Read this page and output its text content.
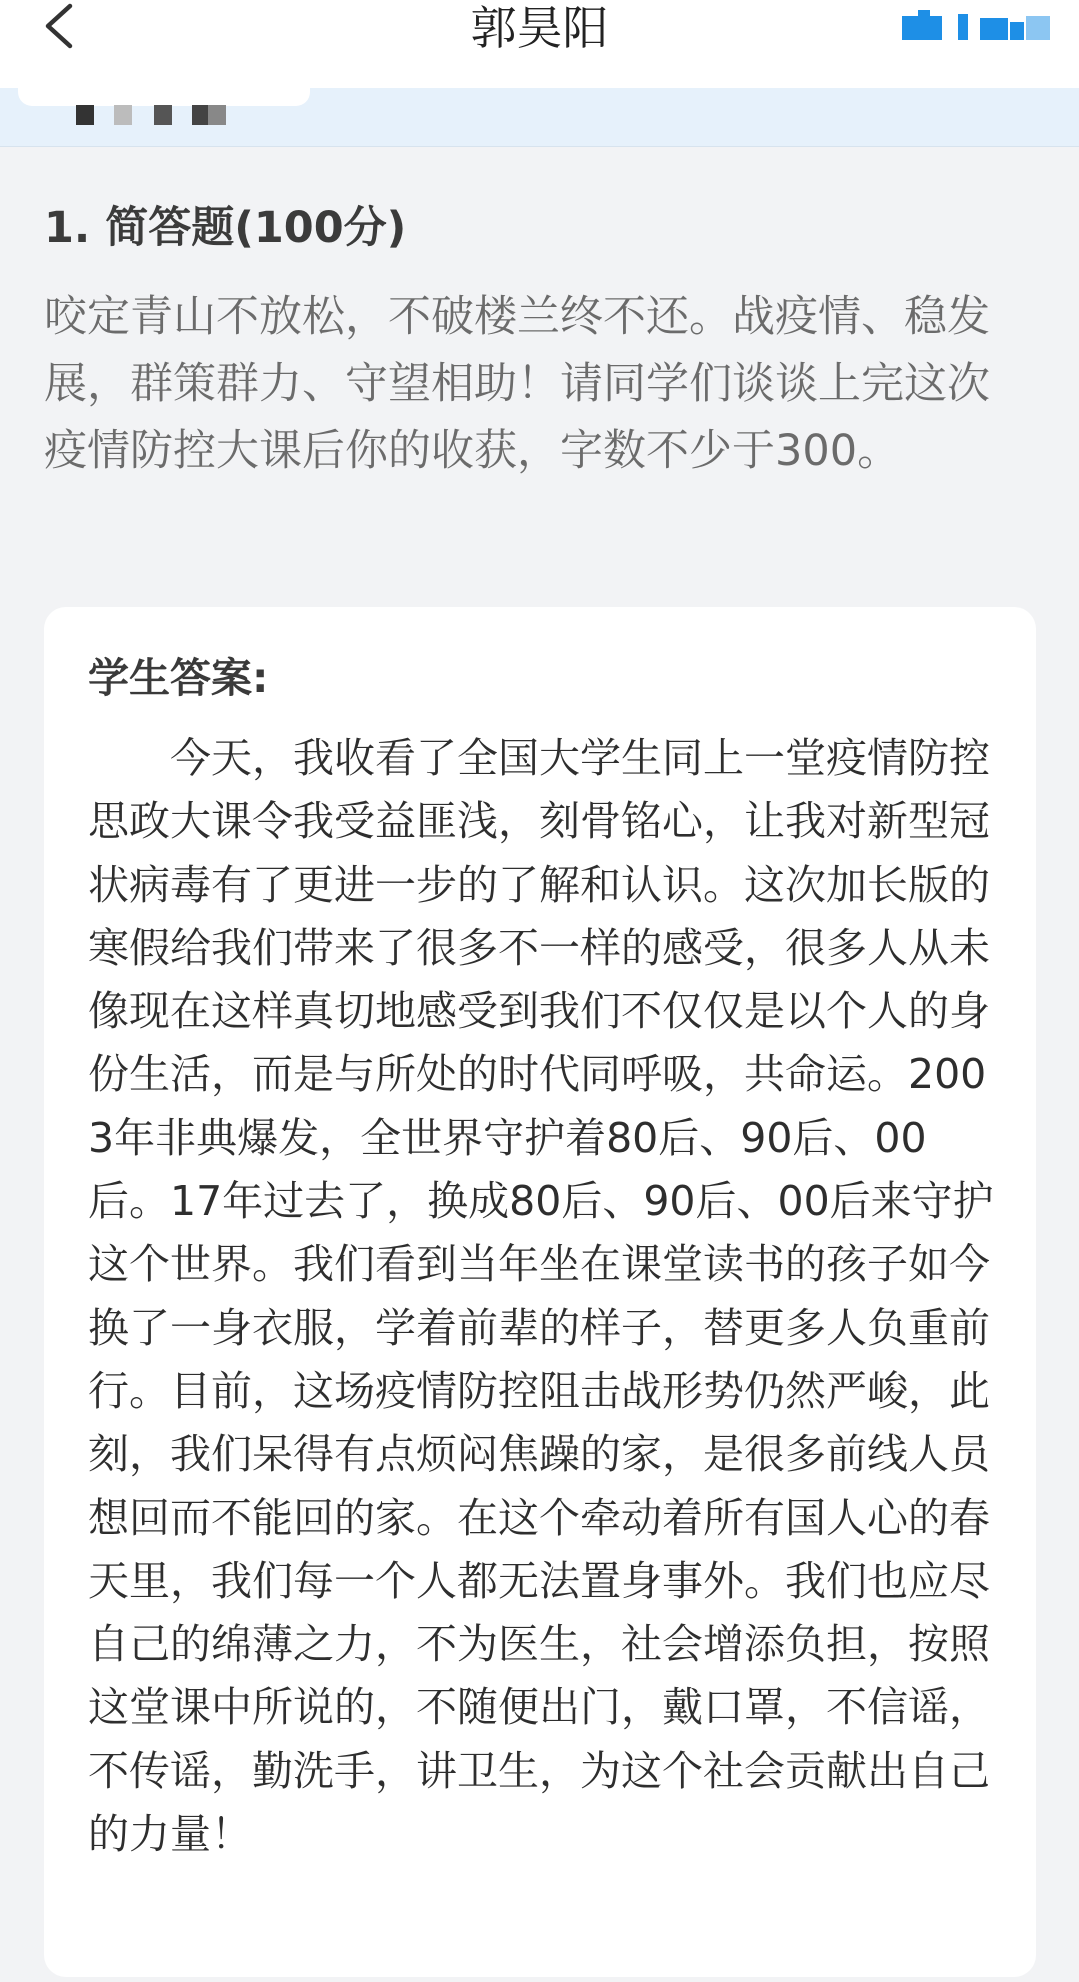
郭昊阳
1. 简答题(100分)
咬定青山不放松，不破楼兰终不还。战疫情、稳发展，群策群力、守望相助！请同学们谈谈上完这次疫情防控大课后你的收获，字数不少于300。
学生答案:
今天，我收看了全国大学生同上一堂疫情防控思政大课令我受益匪浅，刻骨铭心，让我对新型冠状病毒有了更进一步的了解和认识。这次加长版的寒假给我们带来了很多不一样的感受，很多人从未像现在这样真切地感受到我们不仅仅是以个人的身份生活，而是与所处的时代同呼吸，共命运。2003年非典爆发，全世界守护着80后、90后、00后。17年过去了，换成80后、90后、00后来守护这个世界。我们看到当年坐在课堂读书的孩子如今换了一身衣服，学着前辈的样子，替更多人负重前行。目前，这场疫情防控阻击战形势仍然严峻，此刻，我们呆得有点烦闷焦躁的家，是很多前线人员想回而不能回的家。在这个牵动着所有国人心的春天里，我们每一个人都无法置身事外。我们也应尽自己的绵薄之力，不为医生，社会增添负担，按照这堂课中所说的，不随便出门，戴口罩，不信谣，不传谣，勤洗手，讲卫生，为这个社会贡献出自己的力量！
